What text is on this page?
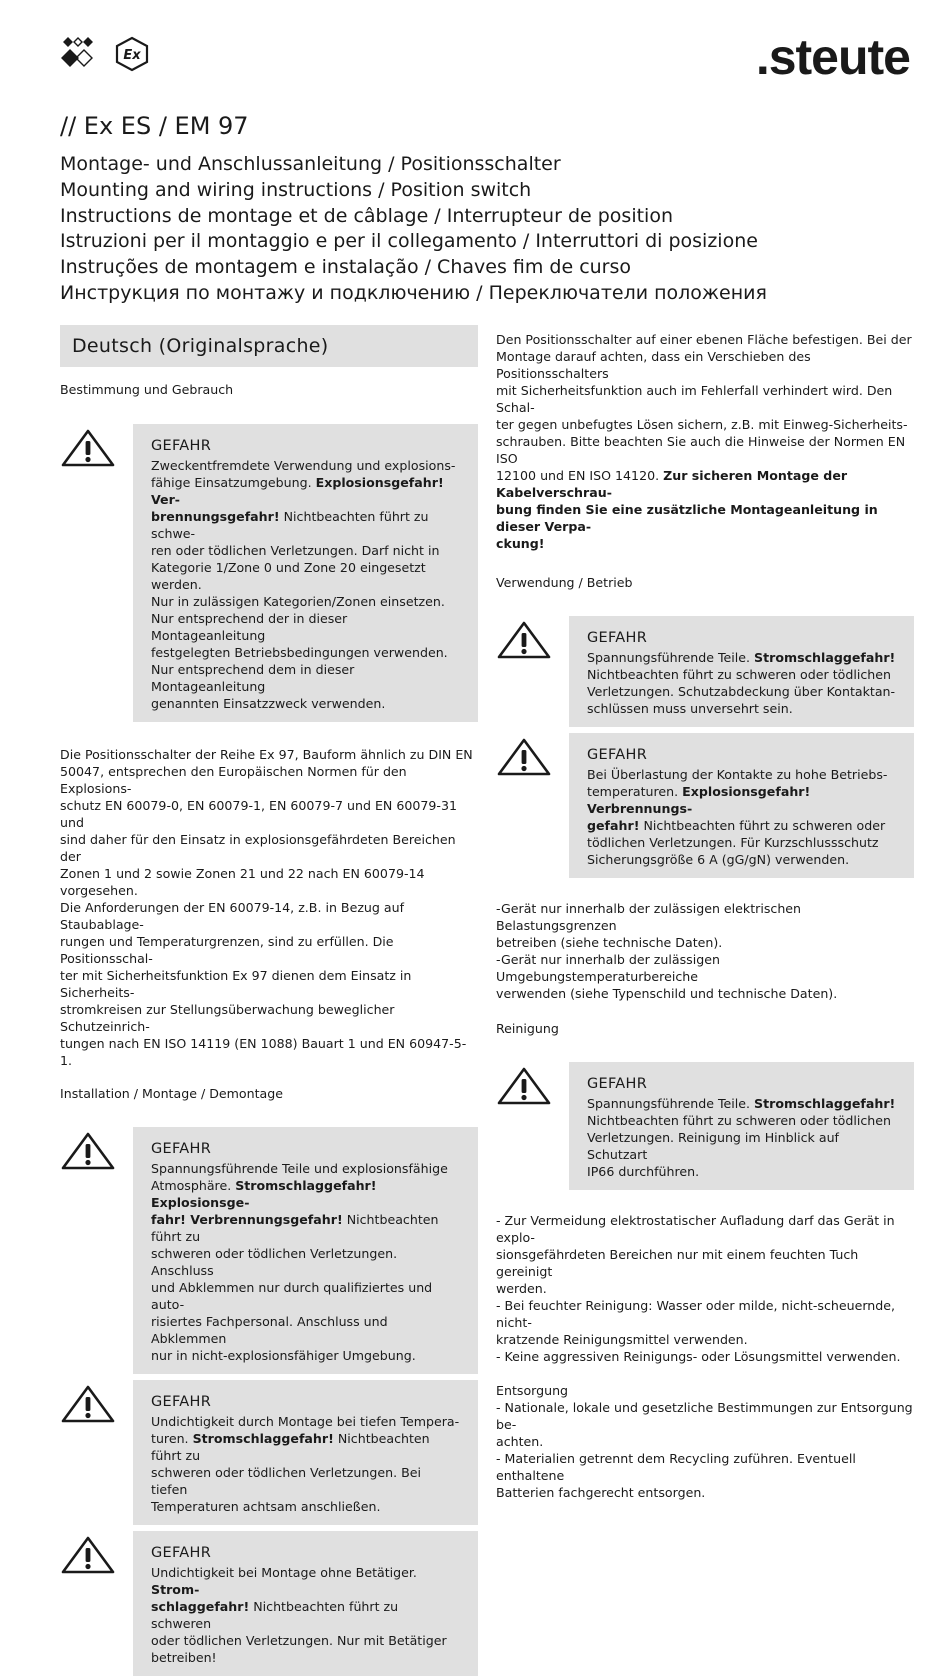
Ex	.steute
// Ex ES / EM 97
Montage- und Anschlussanleitung / Positionsschalter
Mounting and wiring instructions / Position switch
Instructions de montage et de câblage / Interrupteur de position
Istruzioni per il montaggio e per il collegamento / Interruttori di posizione
Instruções de montagem e instalação / Chaves fim de curso
Инструкция по монтажу и подключению / Переключатели положения
Deutsch (Originalsprache)
Bestimmung und Gebrauch
GEFAHR
Zweckentfremdete Verwendung und explosions-
fähige Einsatzumgebung. Explosionsgefahr! Ver-
brennungsgefahr! Nichtbeachten führt zu schwe-
ren oder tödlichen Verletzungen. Darf nicht in
Kategorie 1/Zone 0 und Zone 20 eingesetzt werden.
Nur in zulässigen Kategorien/Zonen einsetzen.
Nur entsprechend der in dieser Montageanleitung
festgelegten Betriebsbedingungen verwenden.
Nur entsprechend dem in dieser Montageanleitung
genannten Einsatzzweck verwenden.

Die Positionsschalter der Reihe Ex 97, Bauform ähnlich zu DIN EN
50047, entsprechen den Europäischen Normen für den Explosions-
schutz EN 60079-0, EN 60079-1, EN 60079-7 und EN 60079-31 und
sind daher für den Einsatz in explosionsgefährdeten Bereichen der
Zonen 1 und 2 sowie Zonen 21 und 22 nach EN 60079-14 vorgesehen.
Die Anforderungen der EN 60079-14, z.B. in Bezug auf Staubablage-
rungen und Temperaturgrenzen, sind zu erfüllen. Die Positionsschal-
ter mit Sicherheitsfunktion Ex 97 dienen dem Einsatz in Sicherheits-
stromkreisen zur Stellungsüberwachung beweglicher Schutzeinrich-
tungen nach EN ISO 14119 (EN 1088) Bauart 1 und EN 60947-5-1.

Installation / Montage / Demontage
GEFAHR
Spannungsführende Teile und explosionsfähige
Atmosphäre. Stromschlaggefahr! Explosionsge-
fahr! Verbrennungsgefahr! Nichtbeachten führt zu
schweren oder tödlichen Verletzungen. Anschluss
und Abklemmen nur durch qualifiziertes und auto-
risiertes Fachpersonal. Anschluss und Abklemmen
nur in nicht-explosionsfähiger Umgebung.
GEFAHR
Undichtigkeit durch Montage bei tiefen Tempera-
turen. Stromschlaggefahr! Nichtbeachten führt zu
schweren oder tödlichen Verletzungen. Bei tiefen
Temperaturen achtsam anschließen.
GEFAHR
Undichtigkeit bei Montage ohne Betätiger. Strom-
schlaggefahr! Nichtbeachten führt zu schweren
oder tödlichen Verletzungen. Nur mit Betätiger
betreiben!

Den Positionsschalter auf einer ebenen Fläche befestigen. Bei der
Montage darauf achten, dass ein Verschieben des Positionsschalters
mit Sicherheitsfunktion auch im Fehlerfall verhindert wird. Den Schal-
ter gegen unbefugtes Lösen sichern, z.B. mit Einweg-Sicherheits-
schrauben. Bitte beachten Sie auch die Hinweise der Normen EN ISO
12100 und EN ISO 14120. Zur sicheren Montage der Kabelverschrau-
bung finden Sie eine zusätzliche Montageanleitung in dieser Verpa-
ckung!

Verwendung / Betrieb
GEFAHR
Spannungsführende Teile. Stromschlaggefahr!
Nichtbeachten führt zu schweren oder tödlichen
Verletzungen. Schutzabdeckung über Kontaktan-
schlüssen muss unversehrt sein.
GEFAHR
Bei Überlastung der Kontakte zu hohe Betriebs-
temperaturen. Explosionsgefahr! Verbrennungs-
gefahr! Nichtbeachten führt zu schweren oder
tödlichen Verletzungen. Für Kurzschlussschutz
Sicherungsgröße 6 A (gG/gN) verwenden.

-Gerät nur innerhalb der zulässigen elektrischen Belastungsgrenzen
betreiben (siehe technische Daten).
-Gerät nur innerhalb der zulässigen Umgebungstemperaturbereiche
verwenden (siehe Typenschild und technische Daten).

Reinigung
GEFAHR
Spannungsführende Teile. Stromschlaggefahr!
Nichtbeachten führt zu schweren oder tödlichen
Verletzungen. Reinigung im Hinblick auf Schutzart
IP66 durchführen.

- Zur Vermeidung elektrostatischer Aufladung darf das Gerät in explo-
sionsgefährdeten Bereichen nur mit einem feuchten Tuch gereinigt
werden.
- Bei feuchter Reinigung: Wasser oder milde, nicht-scheuernde, nicht-
kratzende Reinigungsmittel verwenden.
- Keine aggressiven Reinigungs- oder Lösungsmittel verwenden.

Entsorgung

- Nationale, lokale und gesetzliche Bestimmungen zur Entsorgung be-
achten.
- Materialien getrennt dem Recycling zuführen. Eventuell enthaltene
Batterien fachgerecht entsorgen.
